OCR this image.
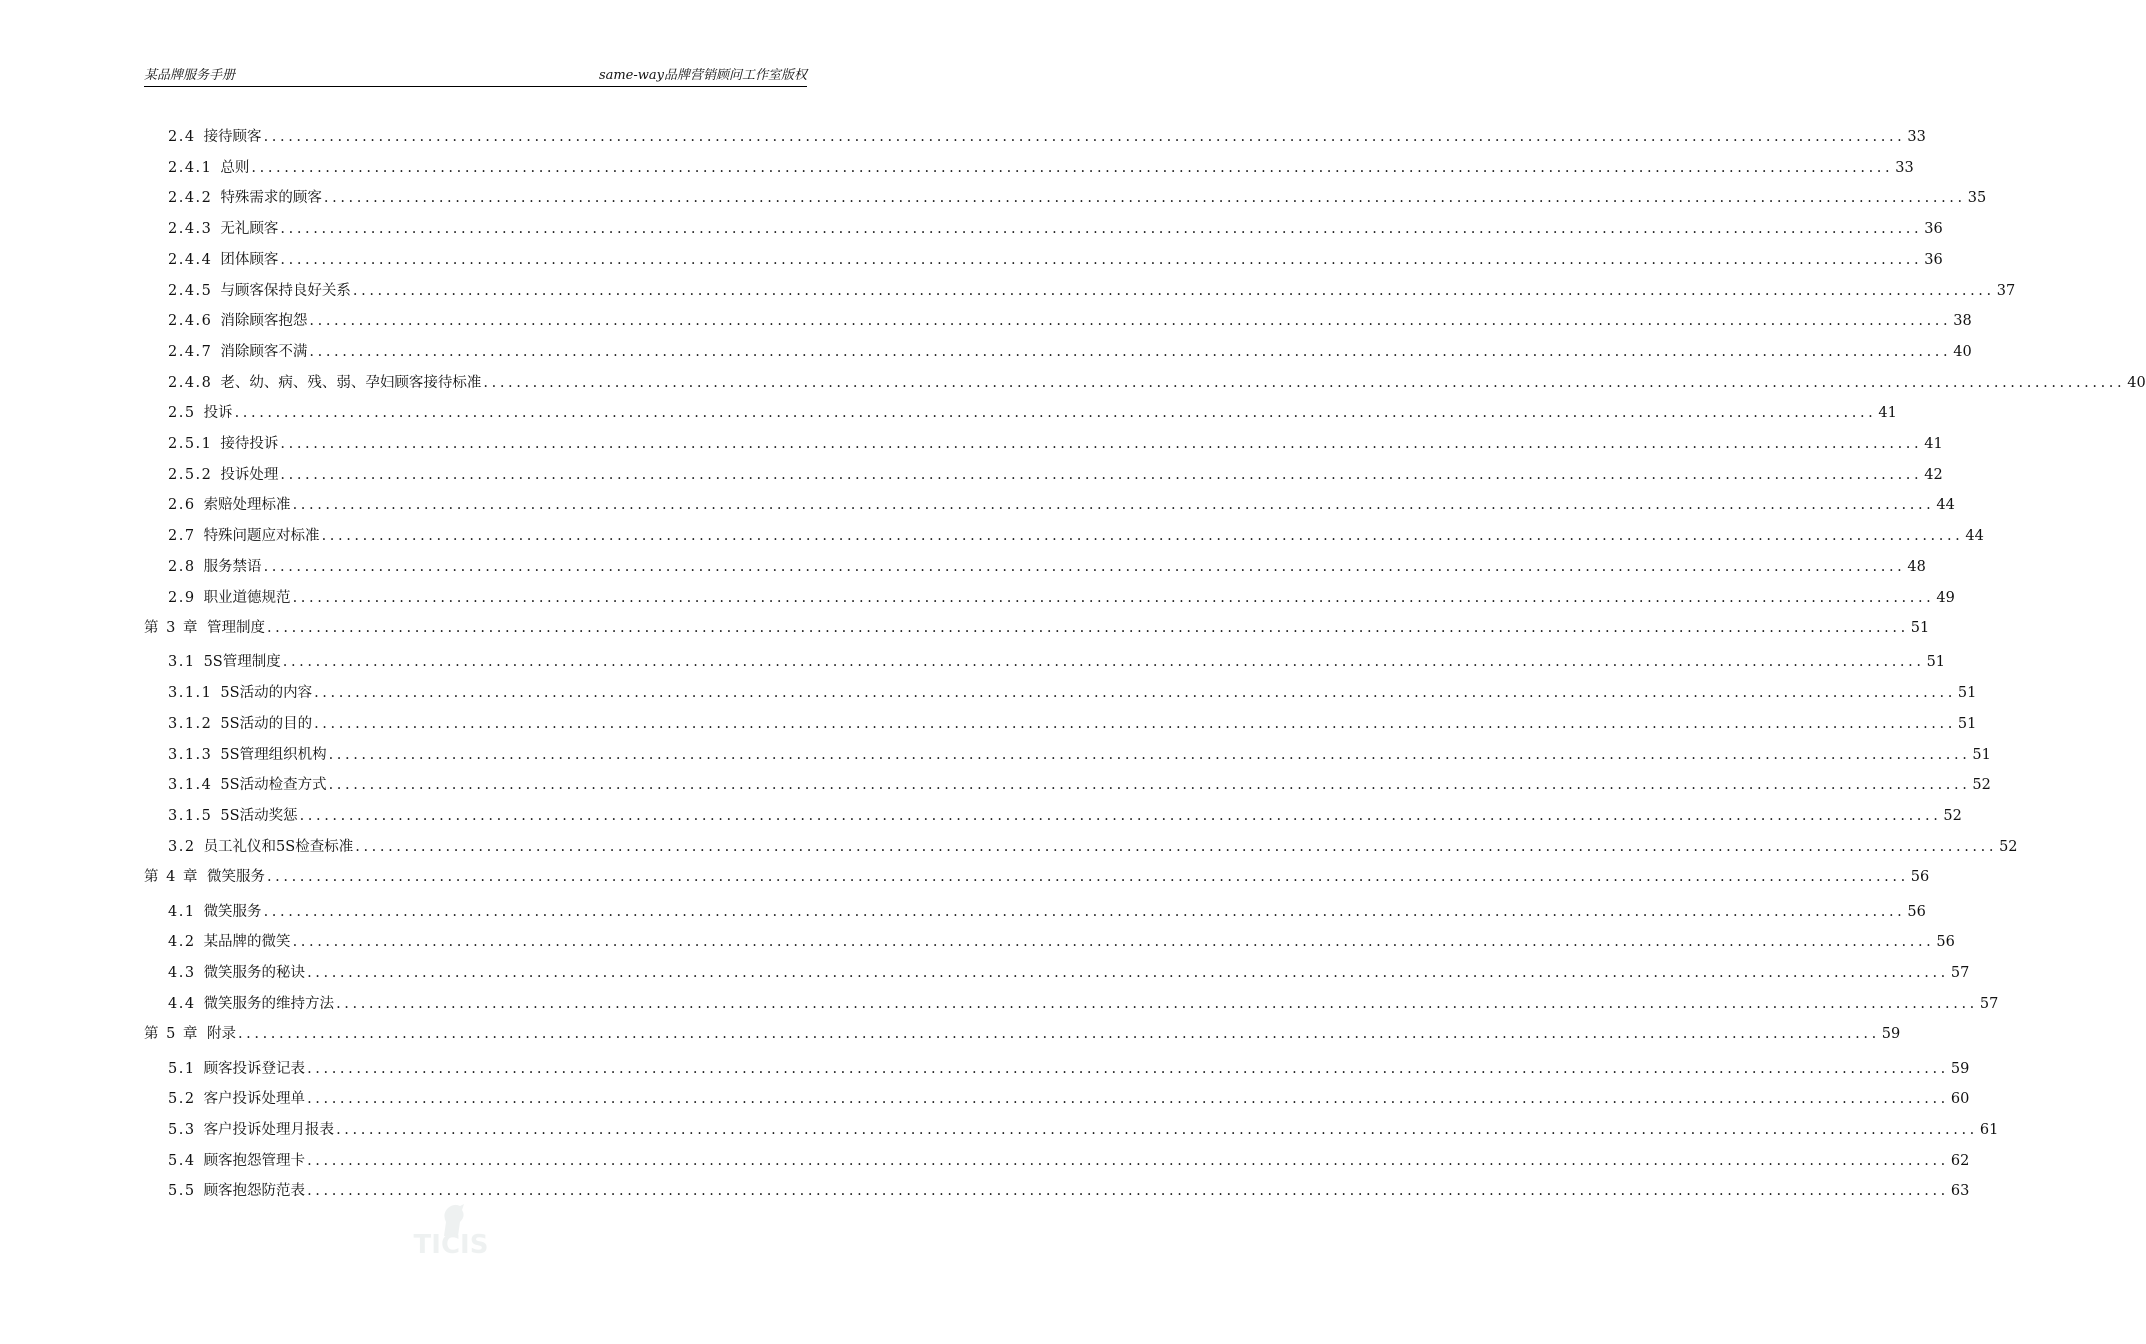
某品牌服务手册	same-way品牌营销顾问工作室版权
2.4 接待顾客 ........................................................................................................................................................................................................ 33
2.4.1 总则 ........................................................................................................................................................................................................ 33
2.4.2 特殊需求的顾客 ........................................................................................................................................................................................................ 35
2.4.3 无礼顾客 ........................................................................................................................................................................................................ 36
2.4.4 团体顾客 ........................................................................................................................................................................................................ 36
2.4.5 与顾客保持良好关系 ........................................................................................................................................................................................................ 37
2.4.6 消除顾客抱怨 ........................................................................................................................................................................................................ 38
2.4.7 消除顾客不满 ........................................................................................................................................................................................................ 40
2.4.8 老、幼、病、残、弱、孕妇顾客接待标准 ........................................................................................................................................................................................................ 40
2.5 投诉 ........................................................................................................................................................................................................ 41
2.5.1 接待投诉 ........................................................................................................................................................................................................ 41
2.5.2 投诉处理 ........................................................................................................................................................................................................ 42
2.6 索赔处理标准 ........................................................................................................................................................................................................ 44
2.7 特殊问题应对标准 ........................................................................................................................................................................................................ 44
2.8 服务禁语 ........................................................................................................................................................................................................ 48
2.9 职业道德规范 ........................................................................................................................................................................................................ 49
第 3 章 管理制度 ........................................................................................................................................................................................................ 51
3.1 5S管理制度 ........................................................................................................................................................................................................ 51
3.1.1 5S活动的内容 ........................................................................................................................................................................................................ 51
3.1.2 5S活动的目的 ........................................................................................................................................................................................................ 51
3.1.3 5S管理组织机构 ........................................................................................................................................................................................................ 51
3.1.4 5S活动检查方式 ........................................................................................................................................................................................................ 52
3.1.5 5S活动奖惩 ........................................................................................................................................................................................................ 52
3.2 员工礼仪和5S检查标准 ........................................................................................................................................................................................................ 52
第 4 章 微笑服务 ........................................................................................................................................................................................................ 56
4.1 微笑服务 ........................................................................................................................................................................................................ 56
4.2 某品牌的微笑 ........................................................................................................................................................................................................ 56
4.3 微笑服务的秘诀 ........................................................................................................................................................................................................ 57
4.4 微笑服务的维持方法 ........................................................................................................................................................................................................ 57
第 5 章 附录 ........................................................................................................................................................................................................ 59
5.1 顾客投诉登记表 ........................................................................................................................................................................................................ 59
5.2 客户投诉处理单 ........................................................................................................................................................................................................ 60
5.3 客户投诉处理月报表 ........................................................................................................................................................................................................ 61
5.4 顾客抱怨管理卡 ........................................................................................................................................................................................................ 62
5.5 顾客抱怨防范表 ........................................................................................................................................................................................................ 63
TICIS
